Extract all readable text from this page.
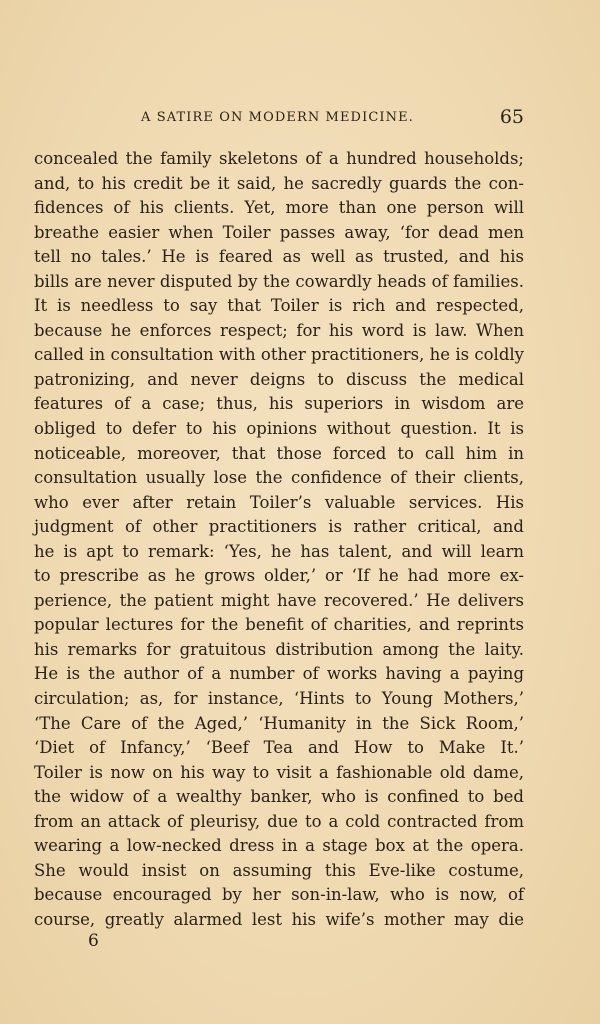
A SATIRE ON MODERN MEDICINE.	65
concealed the family skeletons of a hundred households;
and, to his credit be it said, he sacredly guards the con-
fidences of his clients. Yet, more than one person will
breathe easier when Toiler passes away, ‘for dead men
tell no tales.’ He is feared as well as trusted, and his
bills are never disputed by the cowardly heads of families.
It is needless to say that Toiler is rich and respected,
because he enforces respect; for his word is law. When
called in consultation with other practitioners, he is coldly
patronizing, and never deigns to discuss the medical
features of a case; thus, his superiors in wisdom are
obliged to defer to his opinions without question. It is
noticeable, moreover, that those forced to call him in
consultation usually lose the confidence of their clients,
who ever after retain Toiler’s valuable services. His
judgment of other practitioners is rather critical, and
he is apt to remark: ‘Yes, he has talent, and will learn
to prescribe as he grows older,’ or ‘If he had more ex-
perience, the patient might have recovered.’ He delivers
popular lectures for the benefit of charities, and reprints
his remarks for gratuitous distribution among the laity.
He is the author of a number of works having a paying
circulation; as, for instance, ‘Hints to Young Mothers,’
‘The Care of the Aged,’ ‘Humanity in the Sick Room,’
‘Diet of Infancy,’ ‘Beef Tea and How to Make It.’
Toiler is now on his way to visit a fashionable old dame,
the widow of a wealthy banker, who is confined to bed
from an attack of pleurisy, due to a cold contracted from
wearing a low-necked dress in a stage box at the opera.
She would insist on assuming this Eve-like costume,
because encouraged by her son-in-law, who is now, of
course, greatly alarmed lest his wife’s mother may die
6
